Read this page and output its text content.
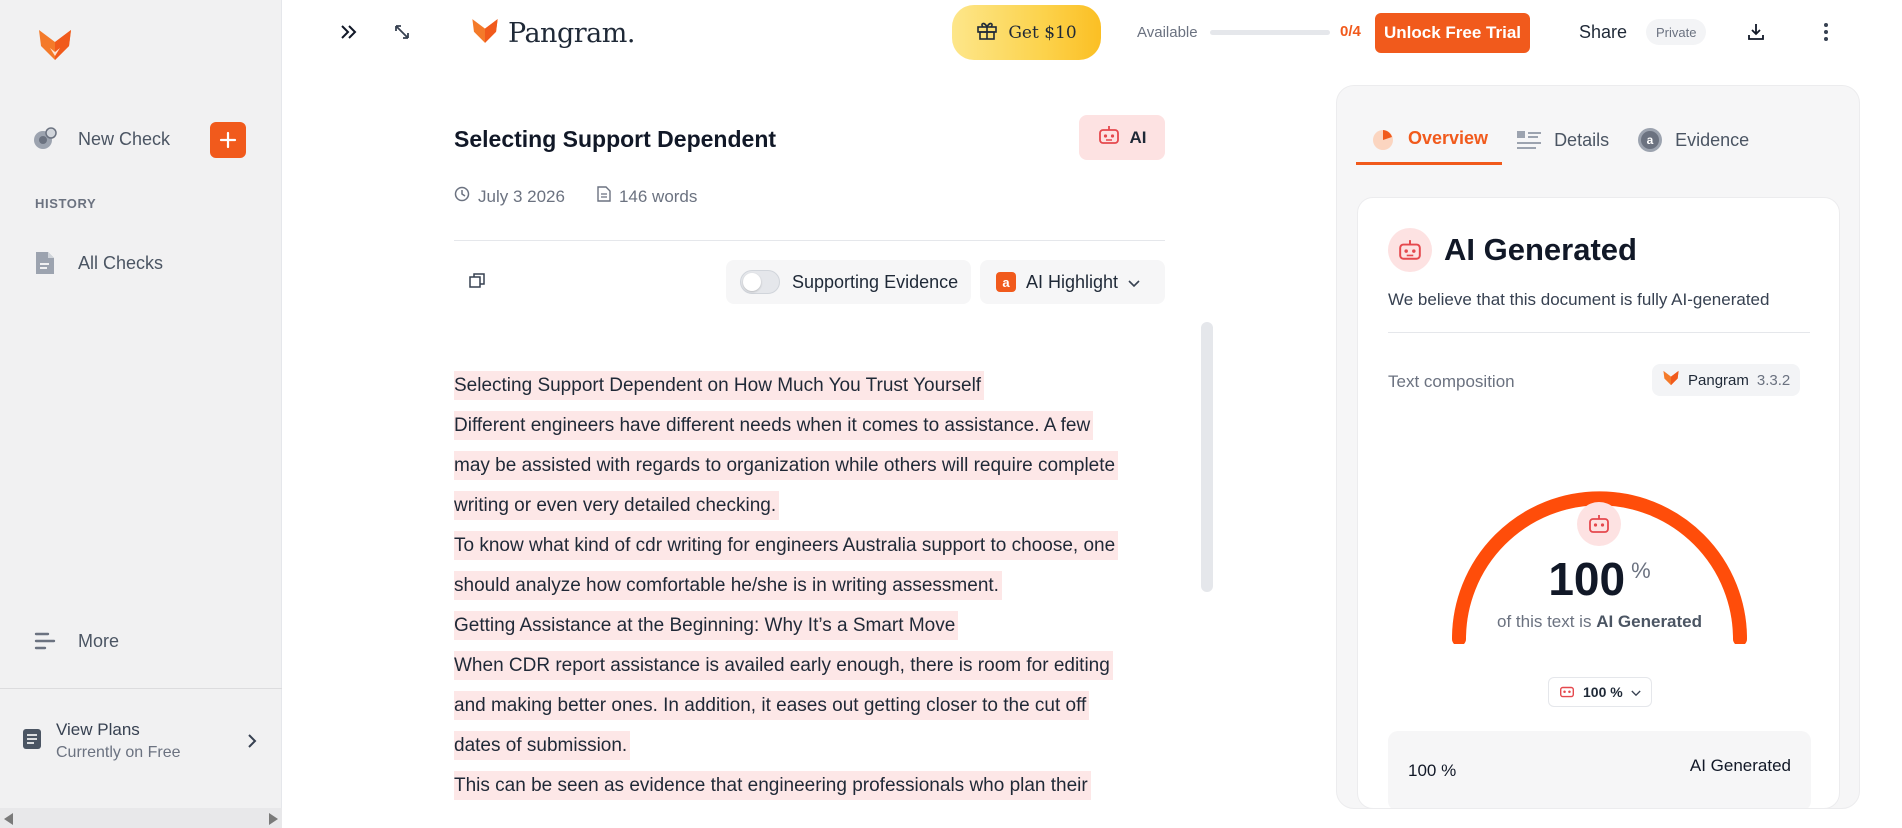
New Check
HISTORY
All Checks
More
View Plans
Currently on Free
Pangram.	Get $10	Available	0/4	Unlock Free Trial	Share	Private
Selecting Support Dependent	AI
July 3 2026	146 words
Supporting Evidence	a AI Highlight
Selecting Support Dependent on How Much You Trust Yourself
Different engineers have different needs when it comes to assistance. A few
may be assisted with regards to organization while others will require complete
writing or even very detailed checking.
To know what kind of cdr writing for engineers Australia support to choose, one
should analyze how comfortable he/she is in writing assessment.
Getting Assistance at the Beginning: Why It’s a Smart Move
When CDR report assistance is availed early enough, there is room for editing
and making better ones. In addition, it eases out getting closer to the cut off
dates of submission.
This can be seen as evidence that engineering professionals who plan their
Overview	Details	a Evidence
AI Generated
We believe that this document is fully AI-generated
Text composition	Pangram 3.3.2
100 %
of this text is AI Generated
100 %
100 %	AI Generated
